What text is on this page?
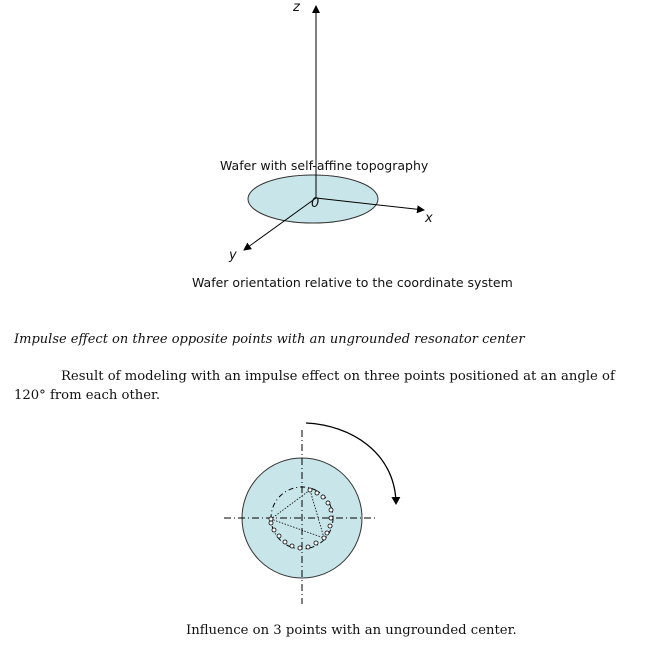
z
x
y
0
Wafer with self-affine topography
Wafer orientation relative to the coordinate system
Impulse effect on three opposite points with an ungrounded resonator center
Result of modeling with an impulse effect on three points positioned at an angle of 120° from each other.
Influence on 3 points with an ungrounded center.
